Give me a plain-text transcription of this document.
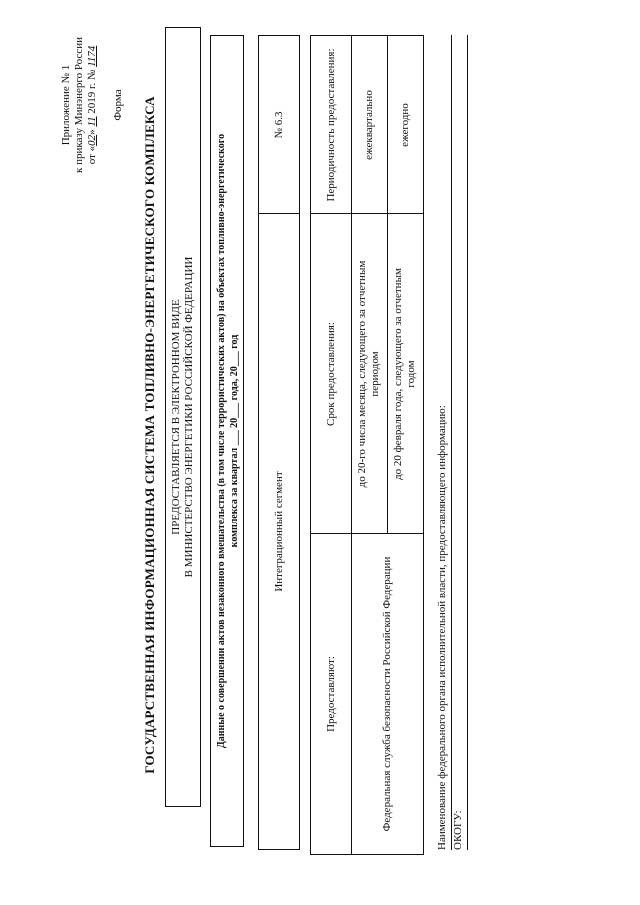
Приложение № 1 к приказу Минэнерго России от «02» 11 2019 г. № 1174
Форма ГОСУДАРСТВЕННАЯ ИНФОРМАЦИОННАЯ СИСТЕМА ТОПЛИВНО-ЭНЕРГЕТИЧЕСКОГО КОМПЛЕКСА ПРЕДОСТАВЛЯЕТСЯ В ЭЛЕКТРОННОМ ВИДЕ В МИНИСТЕРСТВО ЭНЕРГЕТИКИ РОССИЙСКОЙ ФЕДЕРАЦИИ Данные о совершении актов незаконного вмешательства (в том числе террористических актов) на объектах топливно-энергетического комплекса за квартал ___ 20___ года, 20___ год	Интеграционный сегмент
№ 6.3
Предоставляют:
Срок предоставления:
Периодичность предоставления:
Федеральная служба безопасности Российской Федерации
до 20-го числа месяца, следующего за отчетным периодом
ежеквартально
до 20 февраля года, следующего за отчетным годом
ежегодно
Наименование федерального органа исполнительной власти, предоставляющего информацию: ОКОГУ:
